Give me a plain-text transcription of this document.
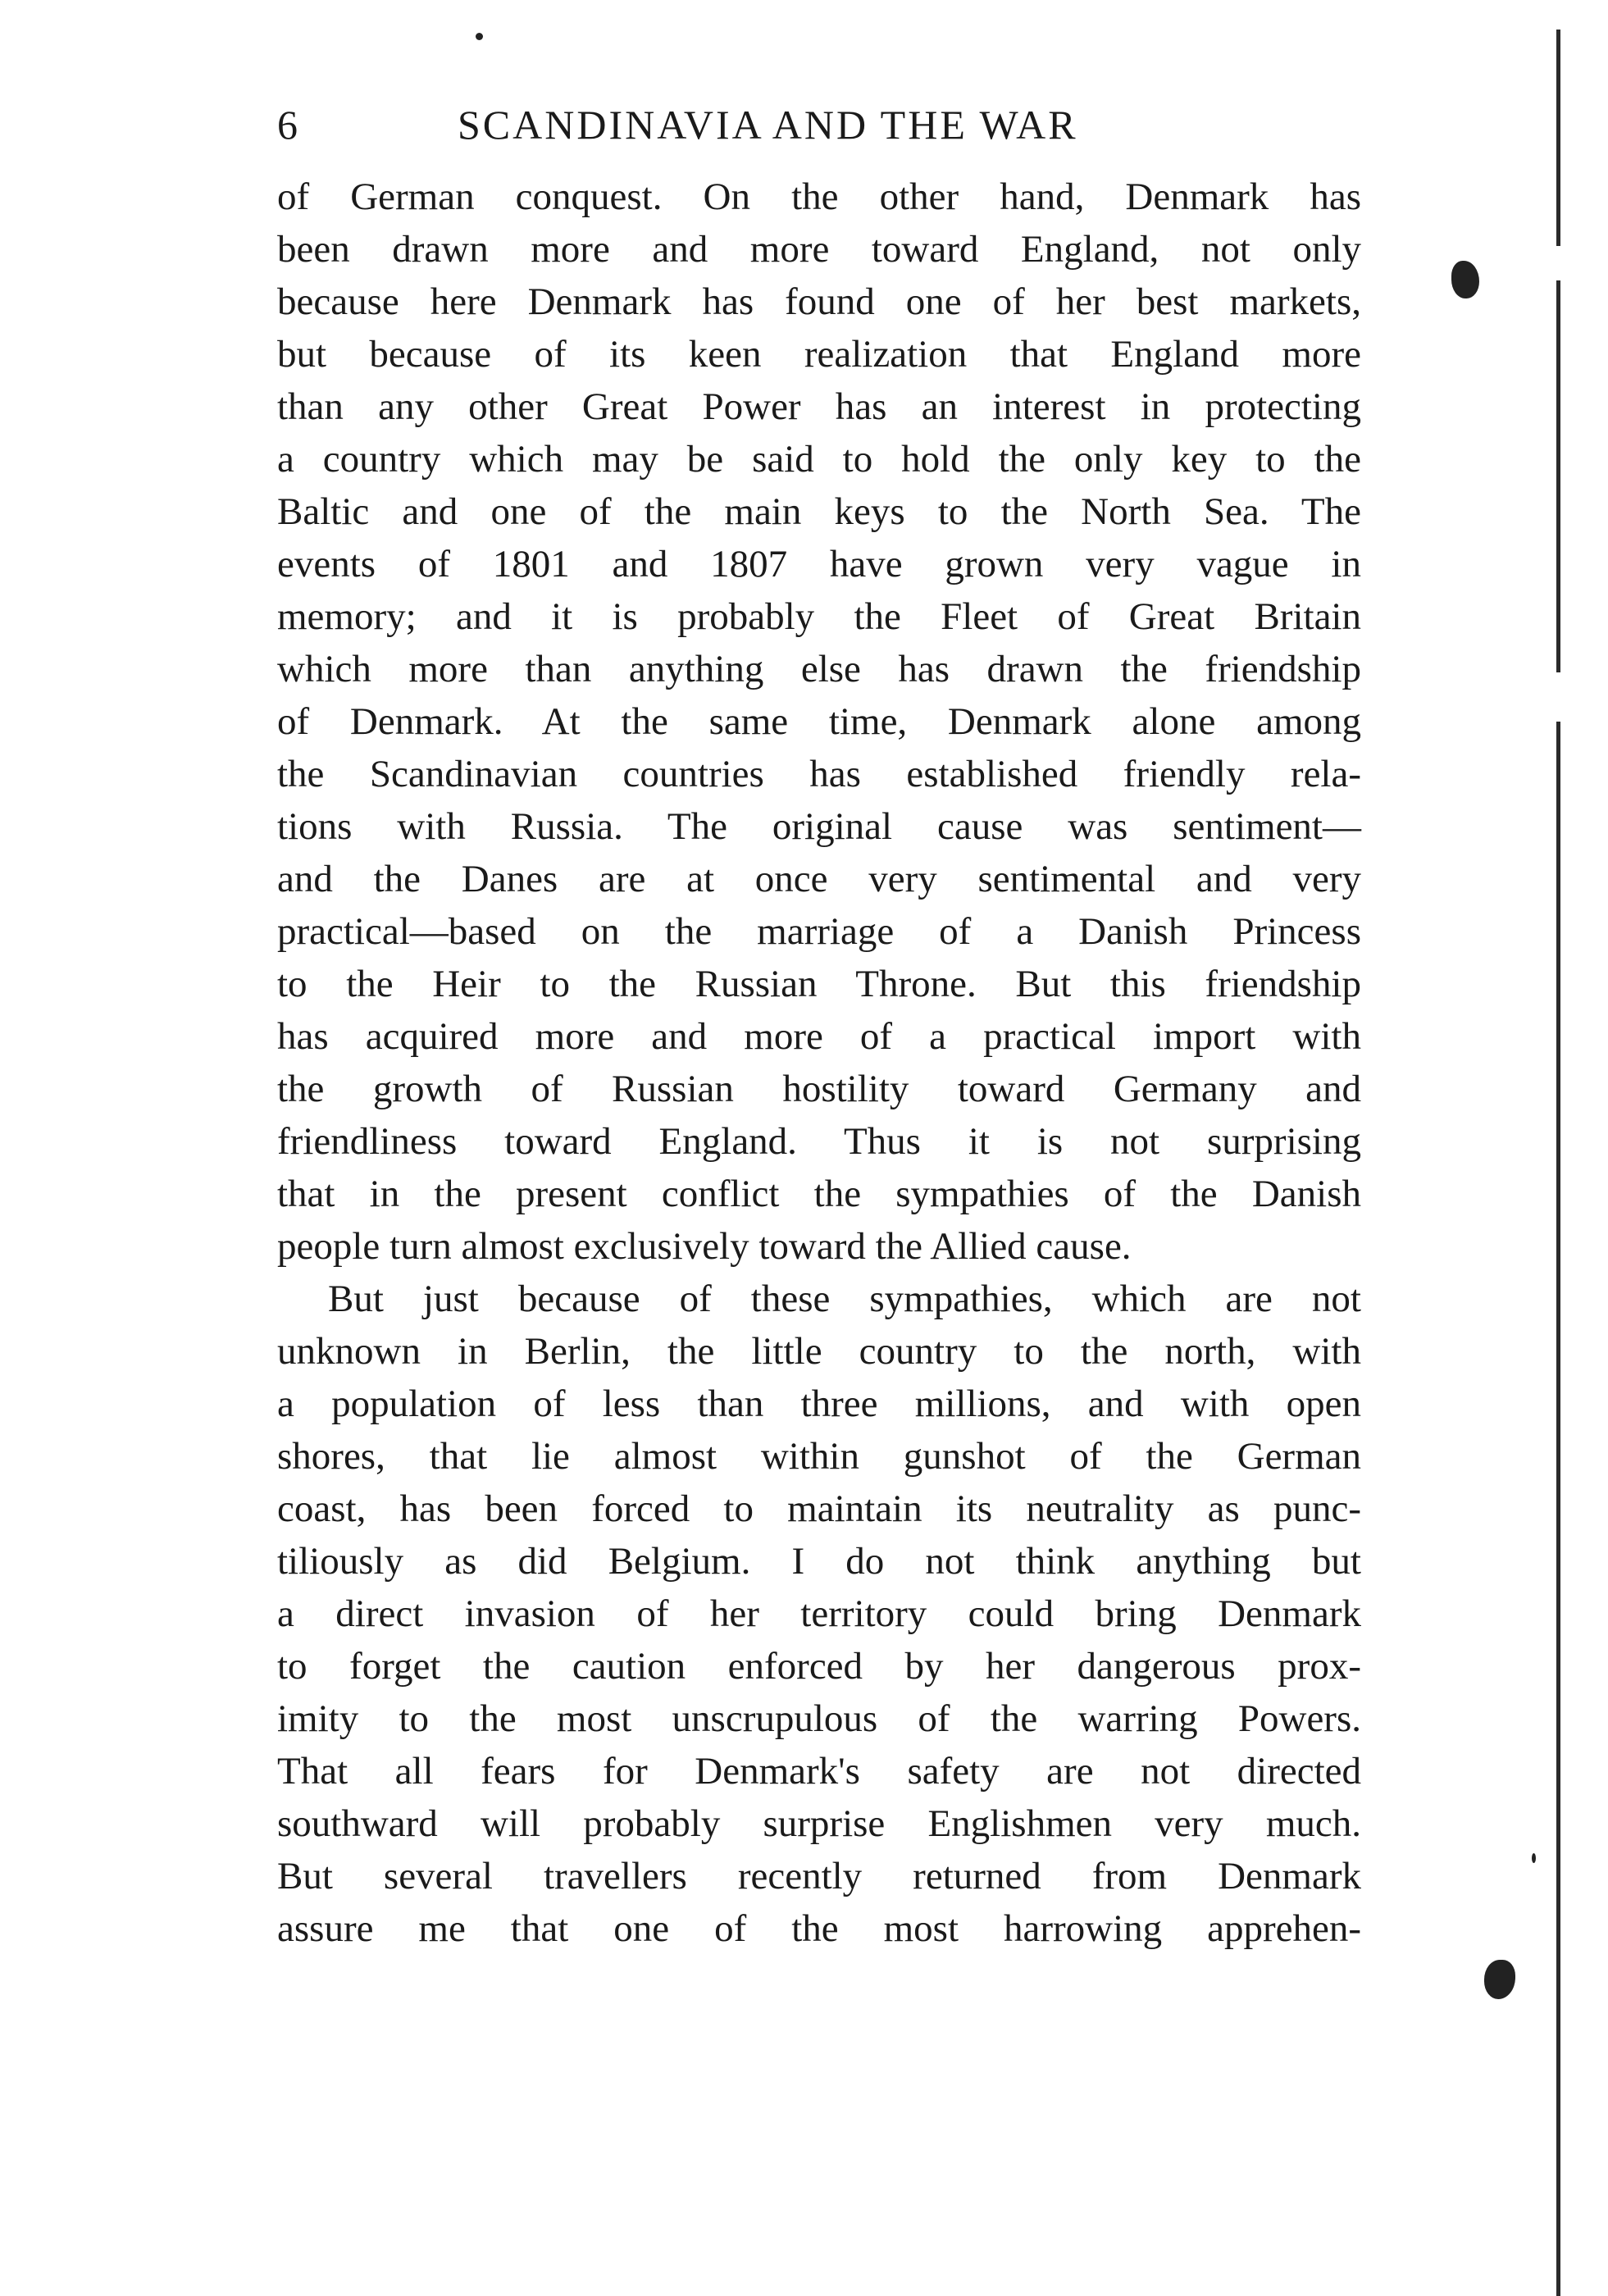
6	SCANDINAVIA AND THE WAR
of German conquest. On the other hand, Denmark has
been drawn more and more toward England, not only
because here Denmark has found one of her best markets,
but because of its keen realization that England more
than any other Great Power has an interest in protecting
a country which may be said to hold the only key to the
Baltic and one of the main keys to the North Sea. The
events of 1801 and 1807 have grown very vague in
memory; and it is probably the Fleet of Great Britain
which more than anything else has drawn the friendship
of Denmark. At the same time, Denmark alone among
the Scandinavian countries has established friendly rela-
tions with Russia. The original cause was sentiment—
and the Danes are at once very sentimental and very
practical—based on the marriage of a Danish Princess
to the Heir to the Russian Throne. But this friendship
has acquired more and more of a practical import with
the growth of Russian hostility toward Germany and
friendliness toward England. Thus it is not surprising
that in the present conflict the sympathies of the Danish
people turn almost exclusively toward the Allied cause.
But just because of these sympathies, which are not
unknown in Berlin, the little country to the north, with
a population of less than three millions, and with open
shores, that lie almost within gunshot of the German
coast, has been forced to maintain its neutrality as punc-
tiliously as did Belgium. I do not think anything but
a direct invasion of her territory could bring Denmark
to forget the caution enforced by her dangerous prox-
imity to the most unscrupulous of the warring Powers.
That all fears for Denmark's safety are not directed
southward will probably surprise Englishmen very much.
But several travellers recently returned from Denmark
assure me that one of the most harrowing apprehen-
